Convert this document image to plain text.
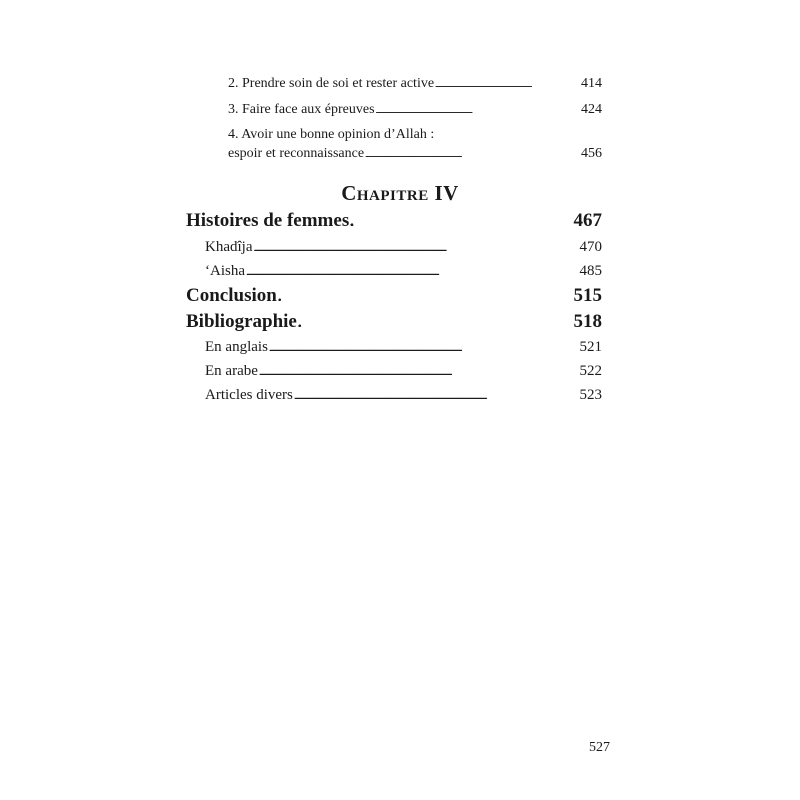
2. Prendre soin de soi et rester active . . .	414
3. Faire face aux épreuves . . .	424
4. Avoir une bonne opinion d’Allah :
espoir et reconnaissance . . .	456
Chapitre IV
Histoires de femmes . . .	467
Khadîja . . .	470
‘Aisha . . .	485
Conclusion . . .	515
Bibliographie . . .	518
En anglais . . .	521
En arabe . . .	522
Articles divers . . .	523
527
